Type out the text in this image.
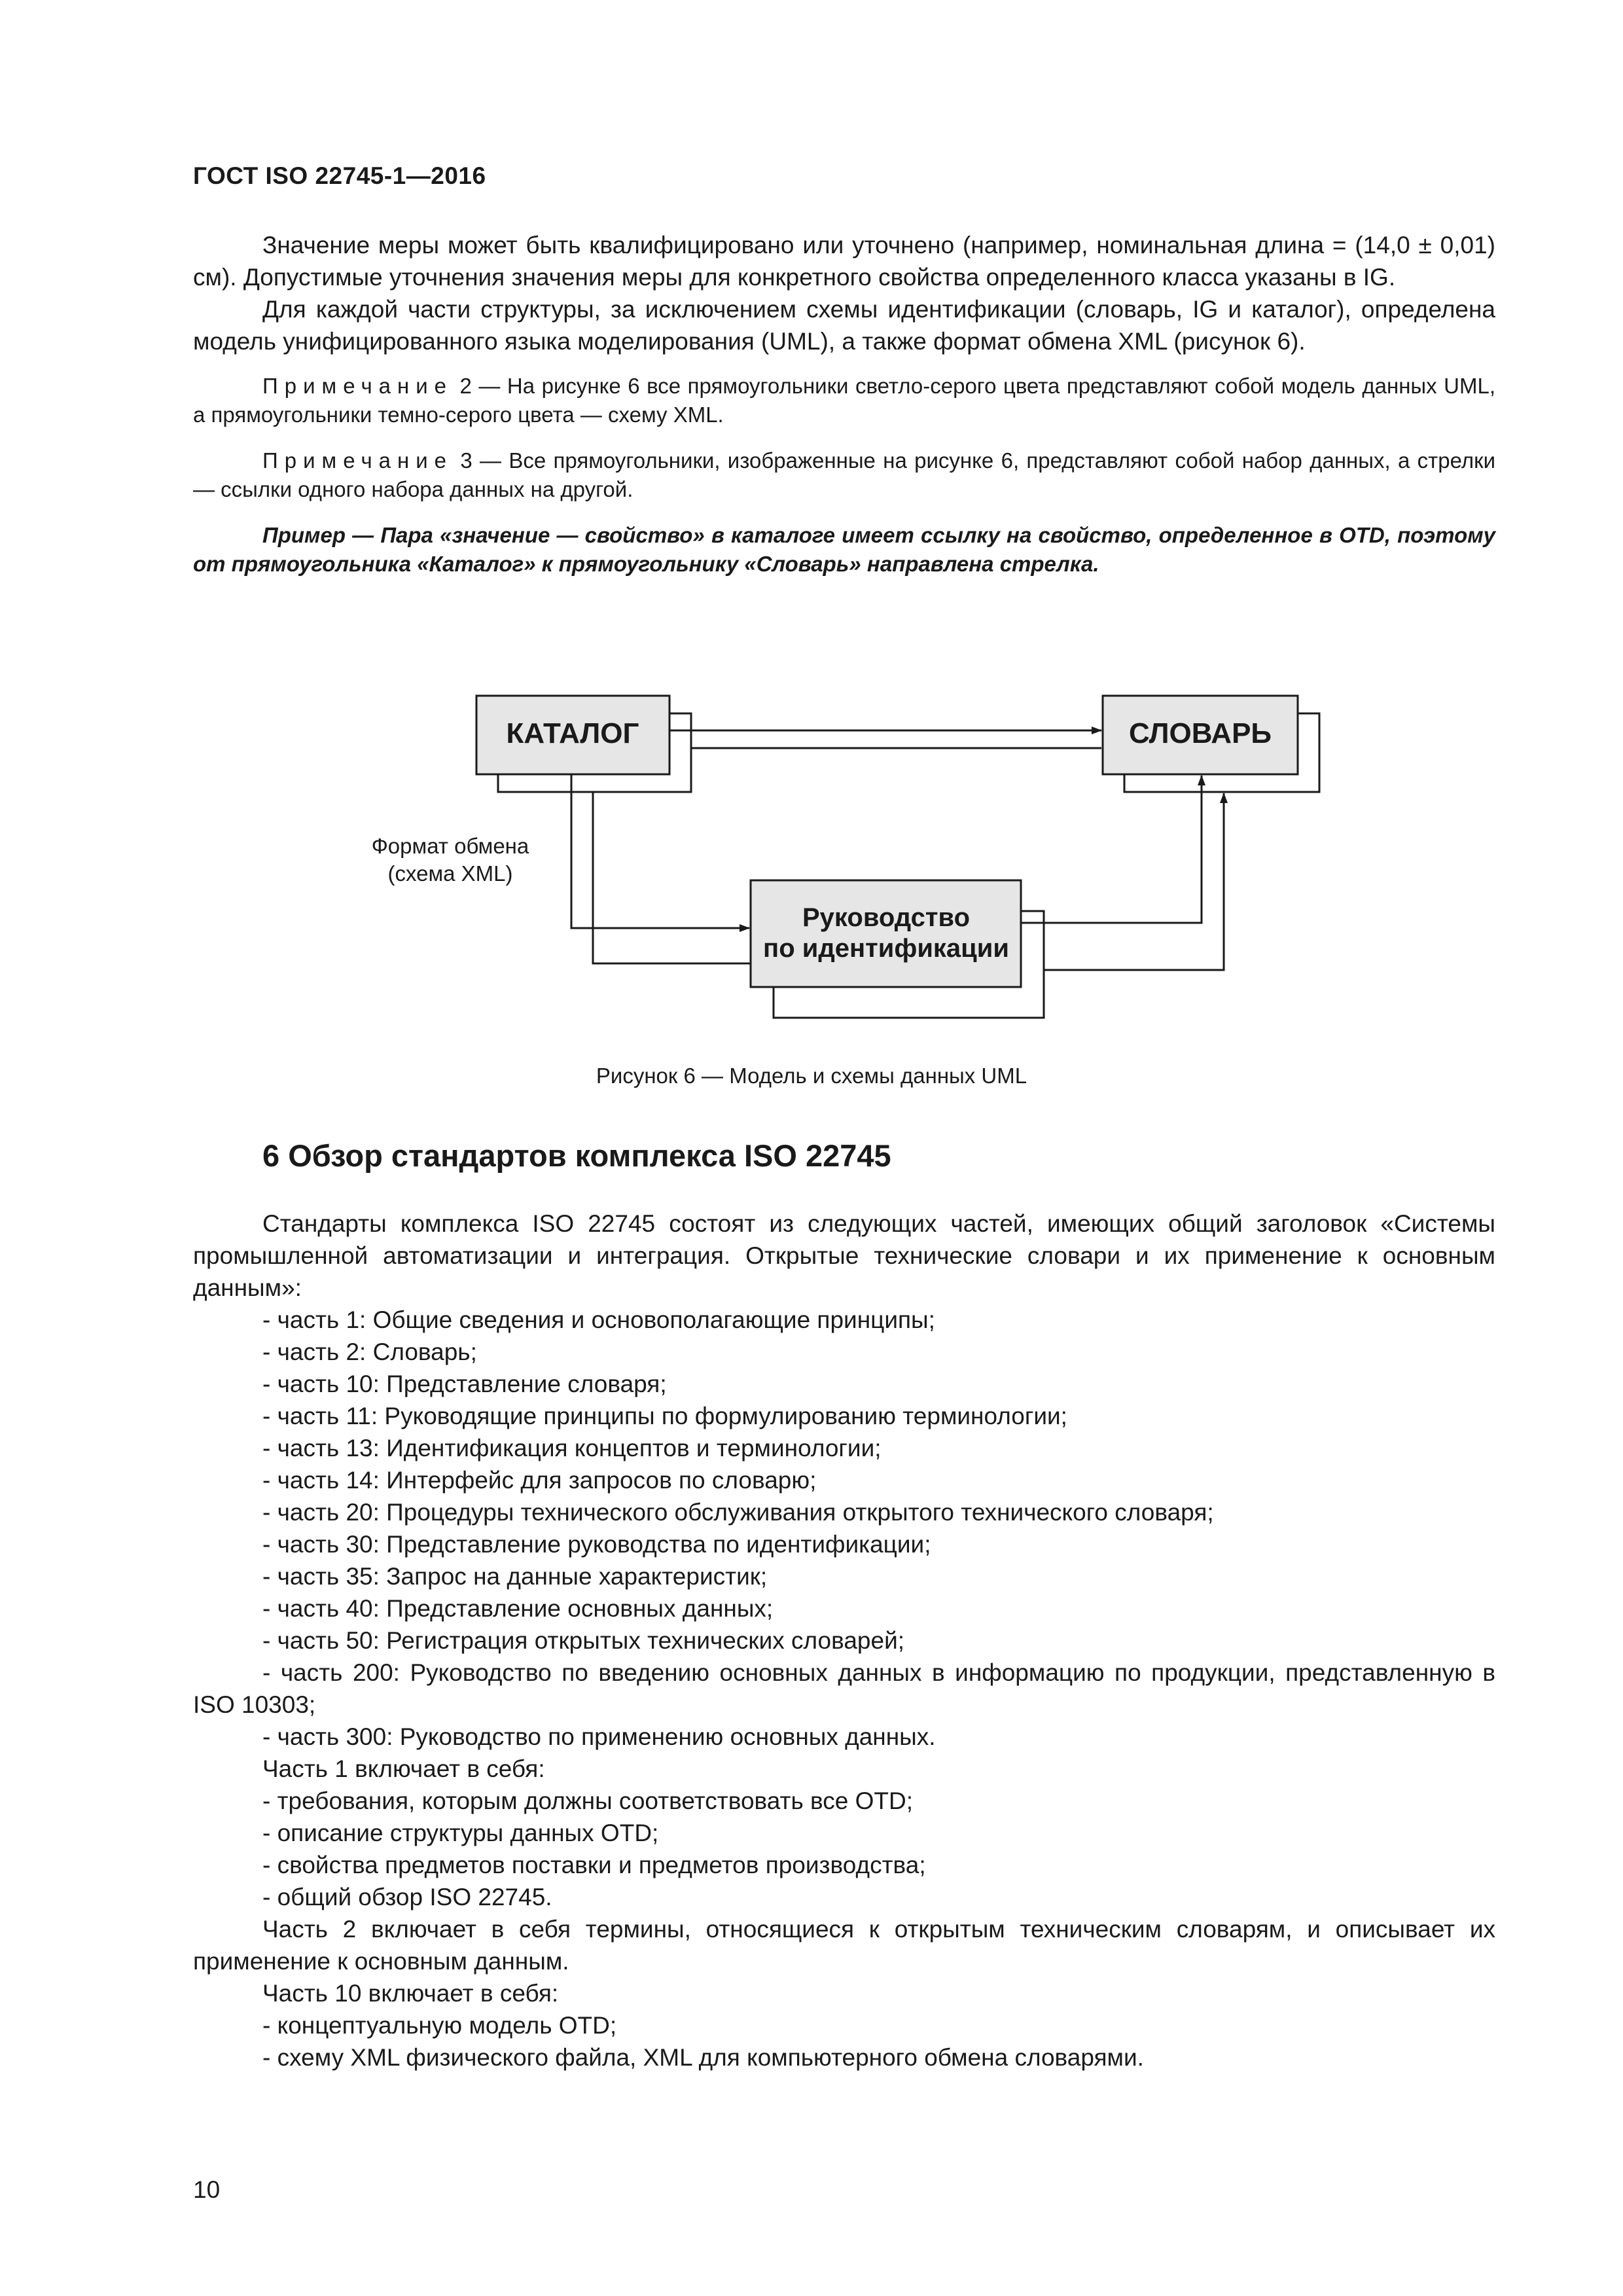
ГОСТ ISO 22745-1—2016

Значение меры может быть квалифицировано или уточнено (например, номинальная длина = (14,0 ± 0,01) см). Допустимые уточнения значения меры для конкретного свойства определенного класса указаны в IG.

Для каждой части структуры, за исключением схемы идентификации (словарь, IG и каталог), определена модель унифицированного языка моделирования (UML), а также формат обмена XML (рисунок 6).

Примечание 2 — На рисунке 6 все прямоугольники светло-серого цвета представляют собой модель данных UML, а прямоугольники темно-серого цвета — схему XML.

Примечание 3 — Все прямоугольники, изображенные на рисунке 6, представляют собой набор данных, а стрелки — ссылки одного набора данных на другой.

Пример — Пара «значение — свойство» в каталоге имеет ссылку на свойство, определенное в OTD, поэтому от прямоугольника «Каталог» к прямоугольнику «Словарь» направлена стрелка.

КАТАЛОГ	СЛОВАРЬ
Руководство
по идентификации
Формат обмена
(схема XML)
Рисунок 6 — Модель и схемы данных UML
6 Обзор стандартов комплекса ISO 22745

Стандарты комплекса ISO 22745 состоят из следующих частей, имеющих общий заголовок «Системы промышленной автоматизации и интеграция. Открытые технические словари и их применение к основным данным»:

- часть 1: Общие сведения и основополагающие принципы;

- часть 2: Словарь;

- часть 10: Представление словаря;

- часть 11: Руководящие принципы по формулированию терминологии;

- часть 13: Идентификация концептов и терминологии;

- часть 14: Интерфейс для запросов по словарю;

- часть 20: Процедуры технического обслуживания открытого технического словаря;

- часть 30: Представление руководства по идентификации;

- часть 35: Запрос на данные характеристик;

- часть 40: Представление основных данных;

- часть 50: Регистрация открытых технических словарей;

- часть 200: Руководство по введению основных данных в информацию по продукции, представленную в ISO 10303;

- часть 300: Руководство по применению основных данных.

Часть 1 включает в себя:

- требования, которым должны соответствовать все OTD;

- описание структуры данных OTD;

- свойства предметов поставки и предметов производства;

- общий обзор ISO 22745.

Часть 2 включает в себя термины, относящиеся к открытым техническим словарям, и описывает их применение к основным данным.

Часть 10 включает в себя:

- концептуальную модель OTD;

- схему XML физического файла, XML для компьютерного обмена словарями.

10
